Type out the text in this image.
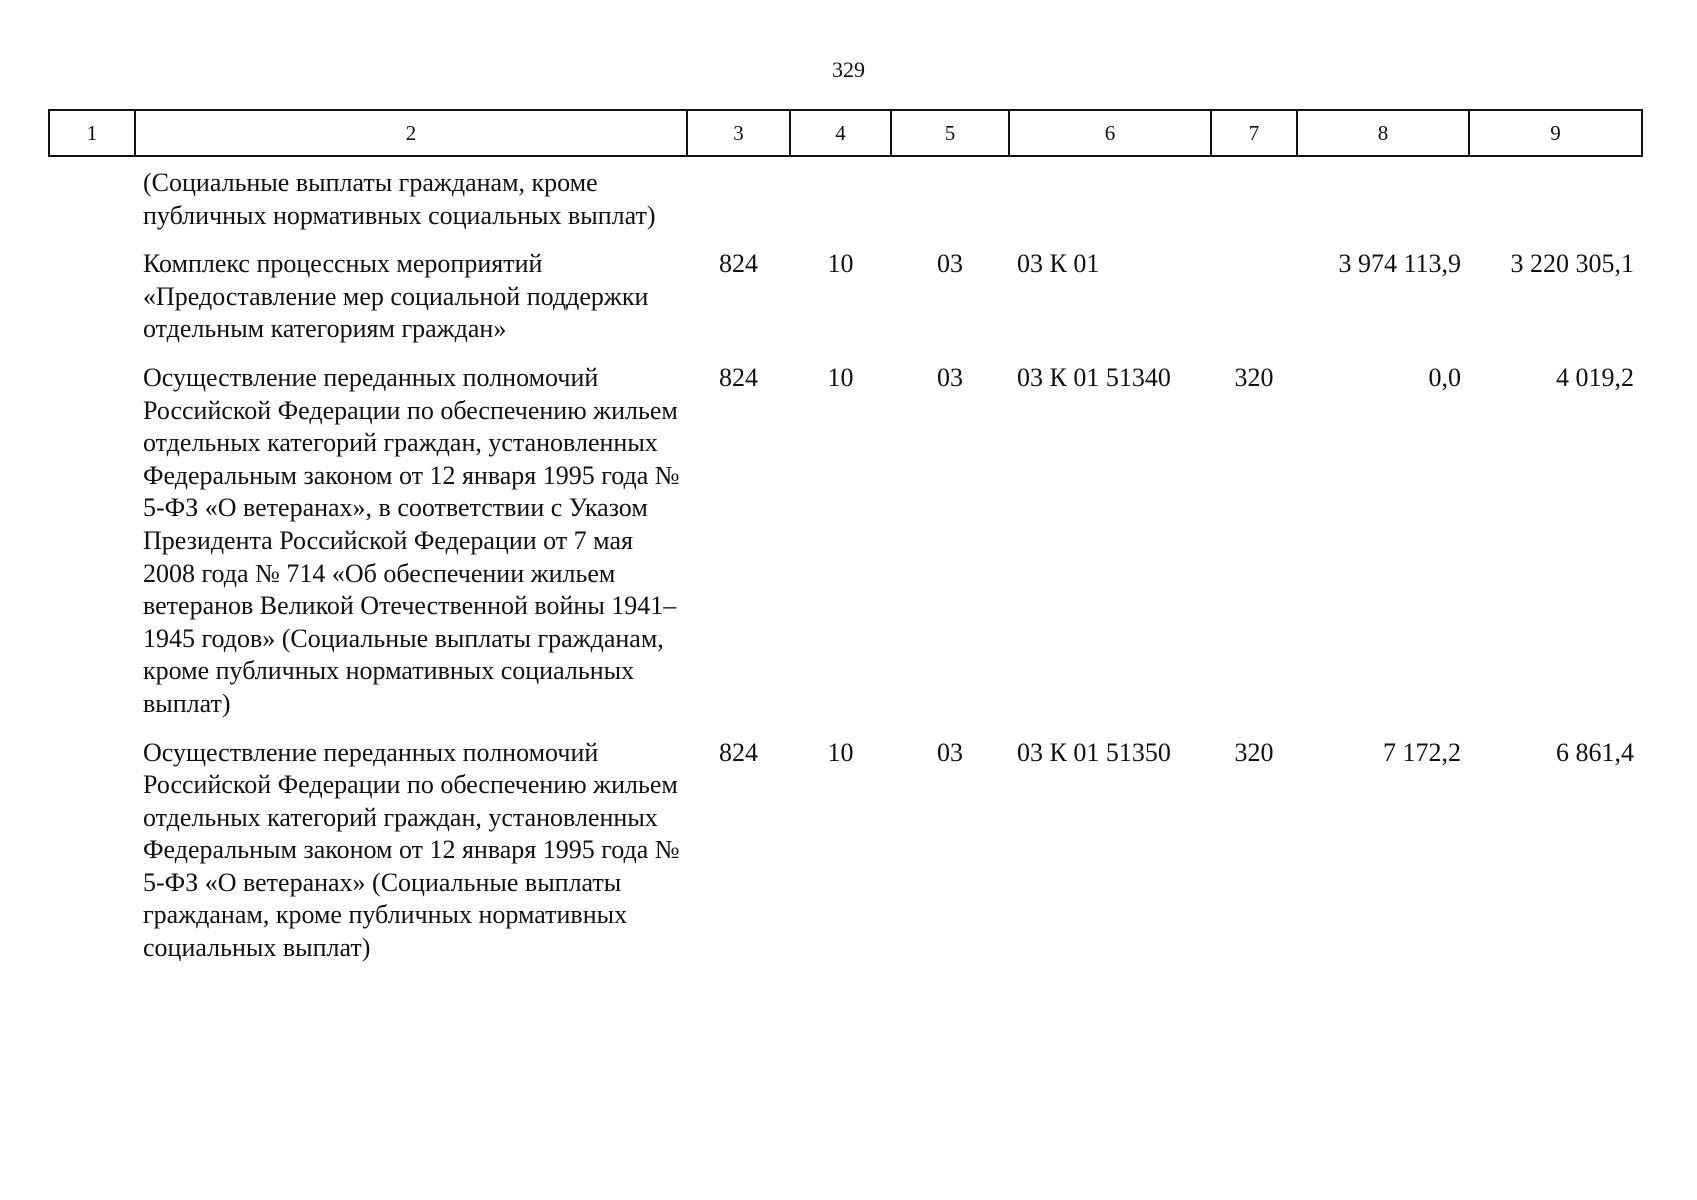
329
1	2	3	4	5	6	7	8	9
	(Социальные выплаты гражданам, кроме публичных нормативных социальных выплат)							
	Комплекс процессных мероприятий «Предоставление мер социальной поддержки отдельным категориям граждан»	824	10	03	03 К 01		3 974 113,9	3 220 305,1
	Осуществление переданных полномочий Российской Федерации по обеспечению жильем отдельных категорий граждан, установленных Федеральным законом от 12 января 1995 года № 5-ФЗ «О ветеранах», в соответствии с Указом Президента Российской Федерации от 7 мая 2008 года № 714 «Об обеспечении жильем ветеранов Великой Отечественной войны 1941–1945 годов» (Социальные выплаты гражданам, кроме публичных нормативных социальных выплат)	824	10	03	03 К 01 51340	320	0,0	4 019,2
	Осуществление переданных полномочий Российской Федерации по обеспечению жильем отдельных категорий граждан, установленных Федеральным законом от 12 января 1995 года № 5-ФЗ «О ветеранах» (Социальные выплаты гражданам, кроме публичных нормативных социальных выплат)	824	10	03	03 К 01 51350	320	7 172,2	6 861,4
